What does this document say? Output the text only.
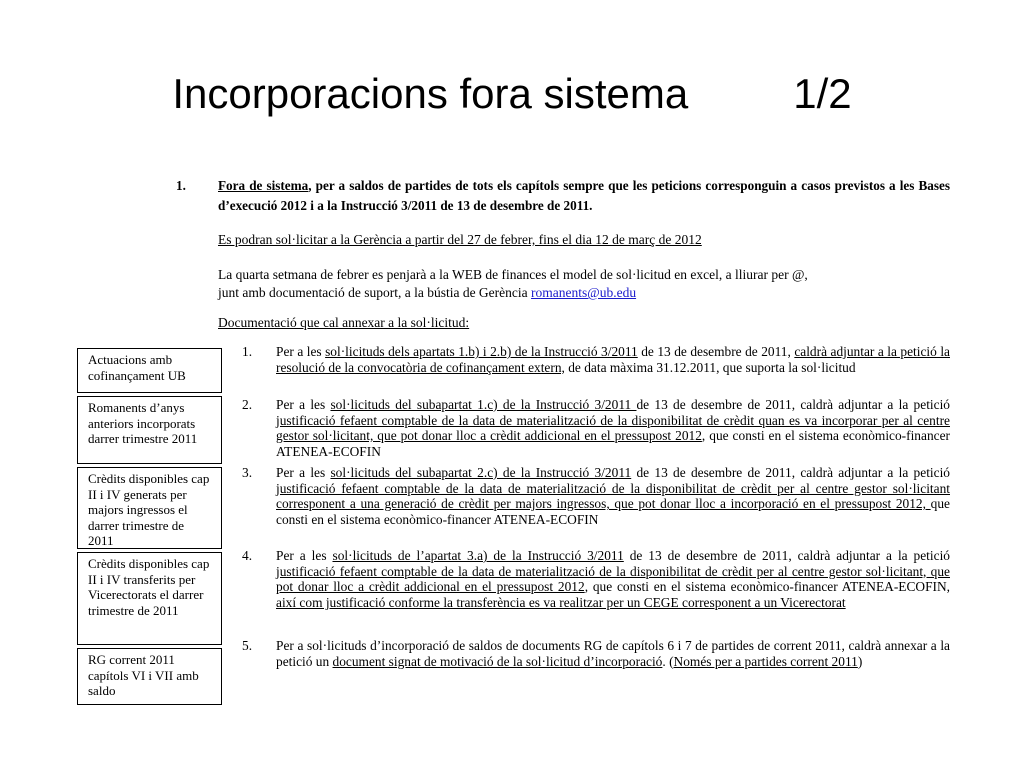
Incorporacions fora sistema         1/2
1. Fora de sistema, per a saldos de partides de tots els capítols sempre que les peticions corresponguin a casos previstos a les Bases d’execució 2012 i a la Instrucció 3/2011 de 13 de desembre de 2011.
Es podran sol·licitar a la Gerència a partir del 27 de febrer, fins el dia 12 de març de 2012
La quarta setmana de febrer es penjarà a la WEB de finances el model de sol·licitud en excel, a lliurar per @,
junt amb documentació de suport, a la bústia de Gerència romanents@ub.edu
Documentació que cal annexar a la sol·licitud:
1. Per a les sol·licituds dels apartats 1.b) i 2.b) de la Instrucció 3/2011 de 13 de desembre de 2011, caldrà adjuntar a la petició la resolució de la convocatòria de cofinançament extern, de data màxima 31.12.2011, que suporta la sol·licitud
2. Per a les sol·licituds del subapartat 1.c) de la Instrucció 3/2011 de 13 de desembre de 2011, caldrà adjuntar a la petició justificació fefaent comptable de la data de materialització de la disponibilitat de crèdit quan es va incorporar per al centre gestor sol·licitant, que pot donar lloc a crèdit addicional en el pressupost 2012, que consti en el sistema econòmico-financer ATENEA-ECOFIN
3. Per a les sol·licituds del subapartat 2.c) de la Instrucció 3/2011 de 13 de desembre de 2011, caldrà adjuntar a la petició justificació fefaent comptable de la data de materialització de la disponibilitat de crèdit per al centre gestor sol·licitant corresponent a una generació de crèdit per majors ingressos, que pot donar lloc a incorporació en el pressupost 2012, que consti en el sistema econòmico-financer ATENEA-ECOFIN
4. Per a les sol·licituds de l’apartat 3.a) de la Instrucció 3/2011 de 13 de desembre de 2011, caldrà adjuntar a la petició justificació fefaent comptable de la data de materialització de la disponibilitat de crèdit per al centre gestor sol·licitant, que pot donar lloc a crèdit addicional en el pressupost 2012, que consti en el sistema econòmico-financer ATENEA-ECOFIN, així com justificació conforme la transferència es va realitzar per un CEGE corresponent a un Vicerectorat
5. Per a sol·licituds d’incorporació de saldos de documents RG de capítols 6 i 7 de partides de corrent 2011, caldrà annexar a la petició un document signat de motivació de la sol·licitud d’incorporació. (Només per a partides corrent 2011)
Actuacions amb cofinançament UB
Romanents d’anys anteriors incorporats darrer trimestre 2011
Crèdits disponibles cap II i IV generats per majors ingressos el darrer trimestre de 2011
Crèdits disponibles cap II i IV transferits per Vicerectorats el darrer trimestre de 2011
RG corrent 2011 capítols VI i VII amb saldo
